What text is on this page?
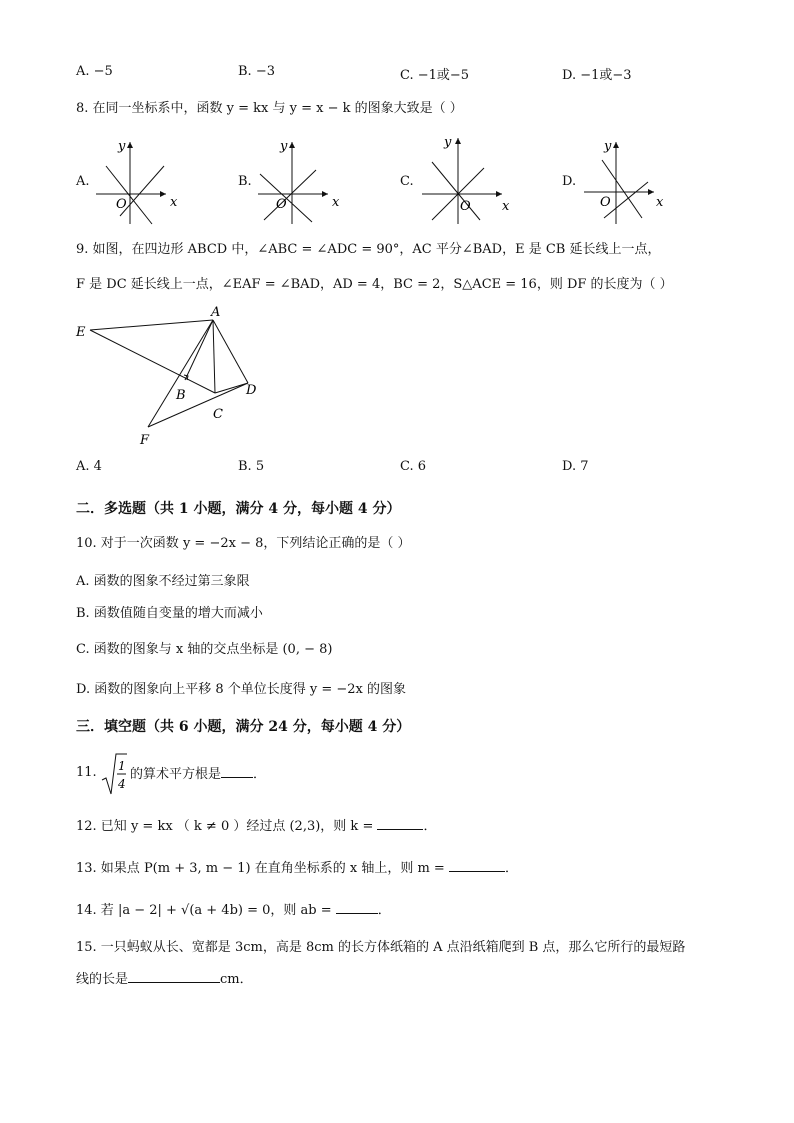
A. −5	B. −3	C. −1或−5	D. −1或−3
8. 在同一坐标系中，函数 y = kx 与 y = x − k 的图象大致是（ ）
A.	B.	C.	D.
y
x
O
y
x
O
y
x
O
y
x
O
9. 如图，在四边形 ABCD 中，∠ABC = ∠ADC = 90°，AC 平分∠BAD，E 是 CB 延长线上一点，
F 是 DC 延长线上一点，∠EAF = ∠BAD，AD = 4，BC = 2，S△ACE = 16，则 DF 的长度为（ ）
A
B
C
D
E
F
A. 4	B. 5	C. 6	D. 7
二．多选题（共 1 小题，满分 4 分，每小题 4 分）
10. 对于一次函数 y = −2x − 8，下列结论正确的是（ ）
A. 函数的图象不经过第三象限
B. 函数值随自变量的增大而减小
C. 函数的图象与 x 轴的交点坐标是 (0, − 8)
D. 函数的图象向上平移 8 个单位长度得 y = −2x 的图象
三．填空题（共 6 小题，满分 24 分，每小题 4 分）
11. 1
4
的算术平方根是 ．
12. 已知 y = kx （ k ≠ 0 ）经过点 (2,3)，则 k =	．
13. 如果点 P(m + 3, m − 1) 在直角坐标系的 x 轴上，则 m =	．
14. 若 |a − 2| + √(a + 4b) = 0，则 ab =	．
15. 一只蚂蚁从长、宽都是 3cm，高是 8cm 的长方体纸箱的 A 点沿纸箱爬到 B 点，那么它所行的最短路
线的长是	cm．
